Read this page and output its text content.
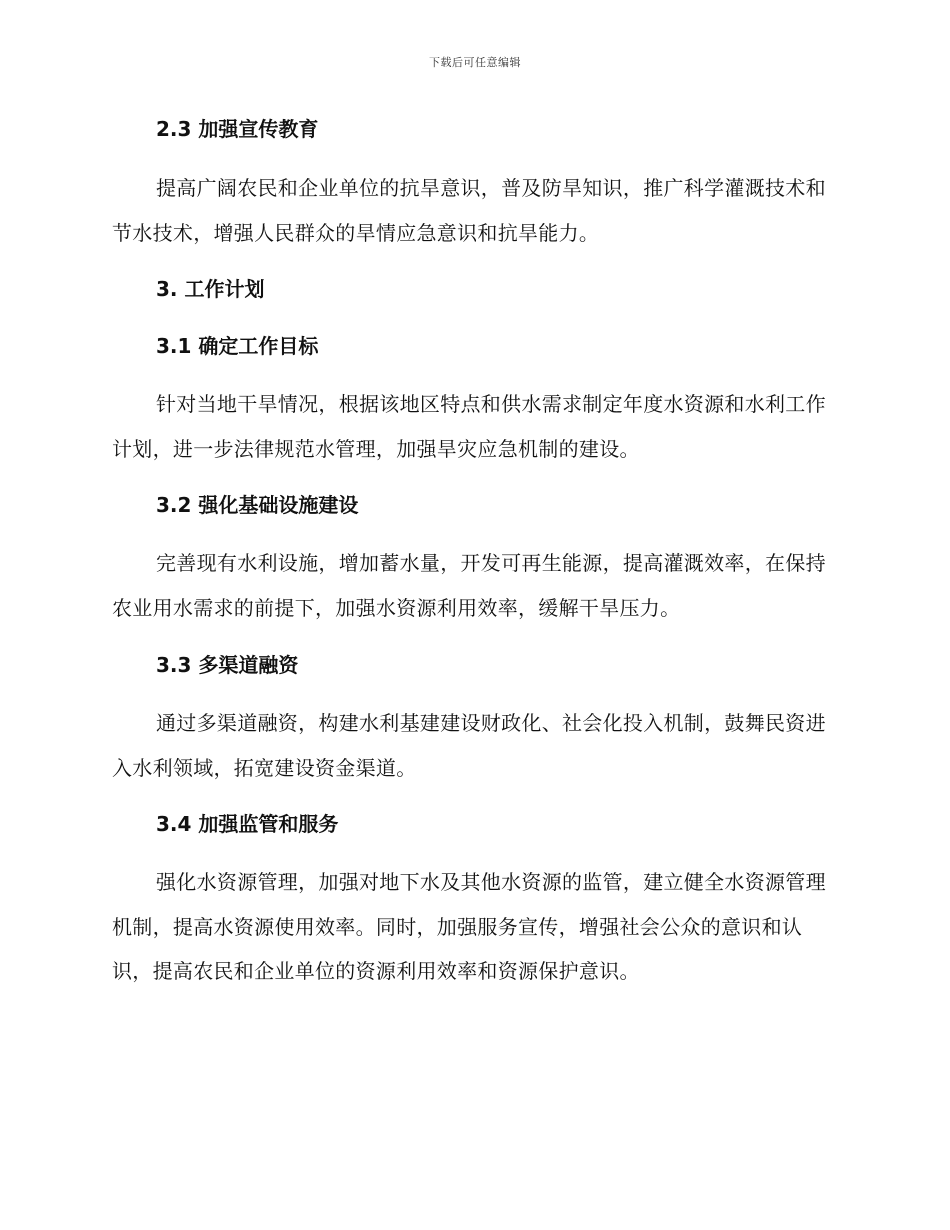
下载后可任意编辑
2.3 加强宣传教育
提高广阔农民和企业单位的抗旱意识，普及防旱知识，推广科学灌溉技术和节水技术，增强人民群众的旱情应急意识和抗旱能力。
3. 工作计划
3.1 确定工作目标
针对当地干旱情况，根据该地区特点和供水需求制定年度水资源和水利工作计划，进一步法律规范水管理，加强旱灾应急机制的建设。
3.2 强化基础设施建设
完善现有水利设施，增加蓄水量，开发可再生能源，提高灌溉效率，在保持农业用水需求的前提下，加强水资源利用效率，缓解干旱压力。
3.3 多渠道融资
通过多渠道融资，构建水利基建建设财政化、社会化投入机制，鼓舞民资进入水利领域，拓宽建设资金渠道。
3.4 加强监管和服务
强化水资源管理，加强对地下水及其他水资源的监管，建立健全水资源管理机制，提高水资源使用效率。同时，加强服务宣传，增强社会公众的意识和认识，提高农民和企业单位的资源利用效率和资源保护意识。
